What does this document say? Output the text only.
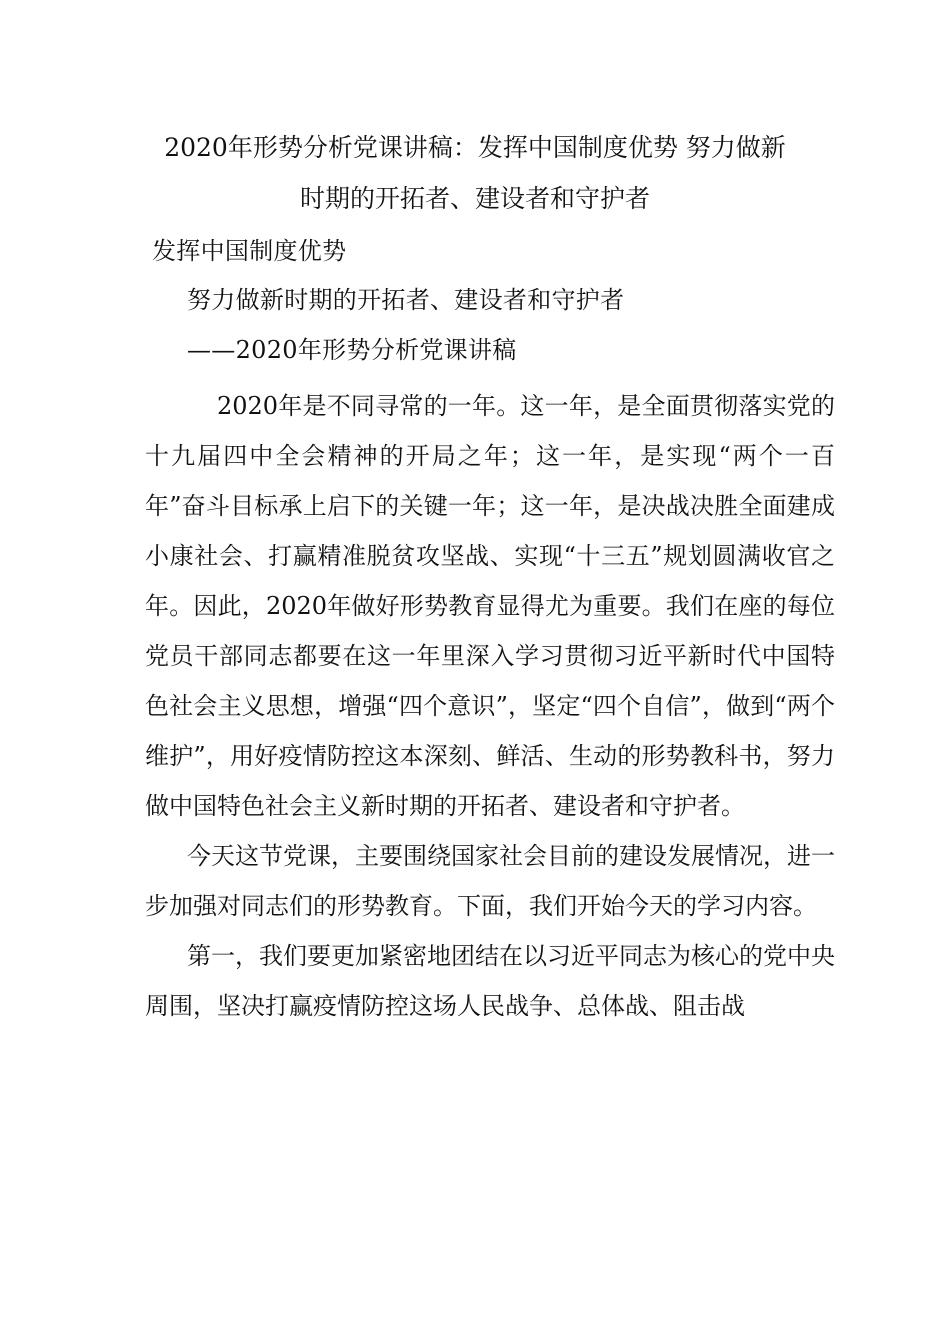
2020年形势分析党课讲稿：发挥中国制度优势 努力做新
时期的开拓者、建设者和守护者
发挥中国制度优势
努力做新时期的开拓者、建设者和守护者
——2020年形势分析党课讲稿

2020年是不同寻常的一年。这一年，是全面贯彻落实党的十九届四中全会精神的开局之年；这一年，是实现“两个一百年”奋斗目标承上启下的关键一年；这一年，是决战决胜全面建成小康社会、打赢精准脱贫攻坚战、实现“十三五”规划圆满收官之年。因此，2020年做好形势教育显得尤为重要。我们在座的每位党员干部同志都要在这一年里深入学习贯彻习近平新时代中国特色社会主义思想，增强“四个意识”，坚定“四个自信”，做到“两个维护”，用好疫情防控这本深刻、鲜活、生动的形势教科书，努力做中国特色社会主义新时期的开拓者、建设者和守护者。

今天这节党课，主要围绕国家社会目前的建设发展情况，进一步加强对同志们的形势教育。下面，我们开始今天的学习内容。

第一，我们要更加紧密地团结在以习近平同志为核心的党中央周围，坚决打赢疫情防控这场人民战争、总体战、阻击战
